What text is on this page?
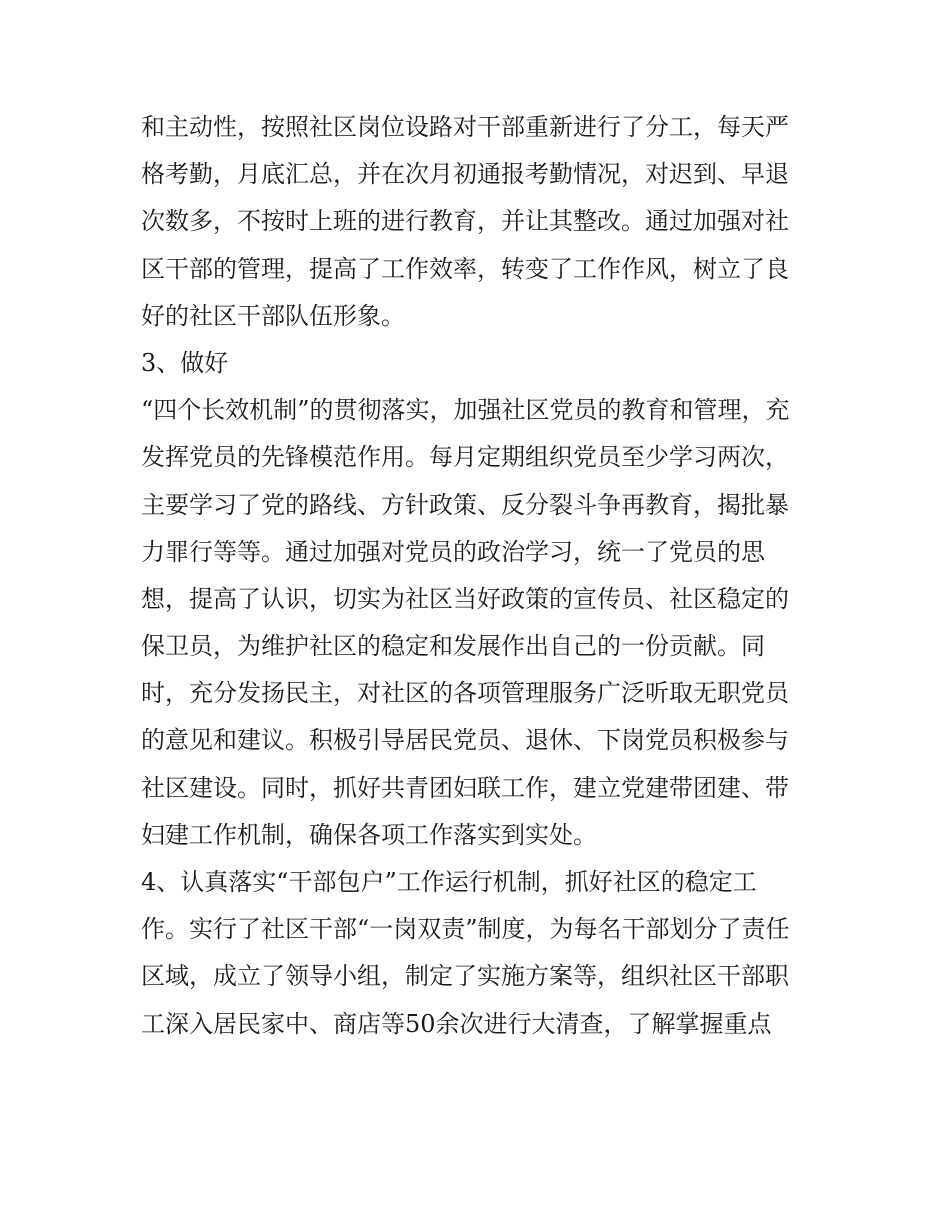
和主动性，按照社区岗位设路对干部重新进行了分工，每天严
格考勤，月底汇总，并在次月初通报考勤情况，对迟到、早退
次数多，不按时上班的进行教育，并让其整改。通过加强对社
区干部的管理，提高了工作效率，转变了工作作风，树立了良
好的社区干部队伍形象。
3、做好
“四个长效机制”的贯彻落实，加强社区党员的教育和管理，充
发挥党员的先锋模范作用。每月定期组织党员至少学习两次，
主要学习了党的路线、方针政策、反分裂斗争再教育，揭批暴
力罪行等等。通过加强对党员的政治学习，统一了党员的思
想，提高了认识，切实为社区当好政策的宣传员、社区稳定的
保卫员，为维护社区的稳定和发展作出自己的一份贡献。同
时，充分发扬民主，对社区的各项管理服务广泛听取无职党员
的意见和建议。积极引导居民党员、退休、下岗党员积极参与
社区建设。同时，抓好共青团妇联工作，建立党建带团建、带
妇建工作机制，确保各项工作落实到实处。
4、认真落实“干部包户”工作运行机制，抓好社区的稳定工
作。实行了社区干部“一岗双责”制度，为每名干部划分了责任
区域，成立了领导小组，制定了实施方案等，组织社区干部职
工深入居民家中、商店等50余次进行大清查，了解掌握重点
